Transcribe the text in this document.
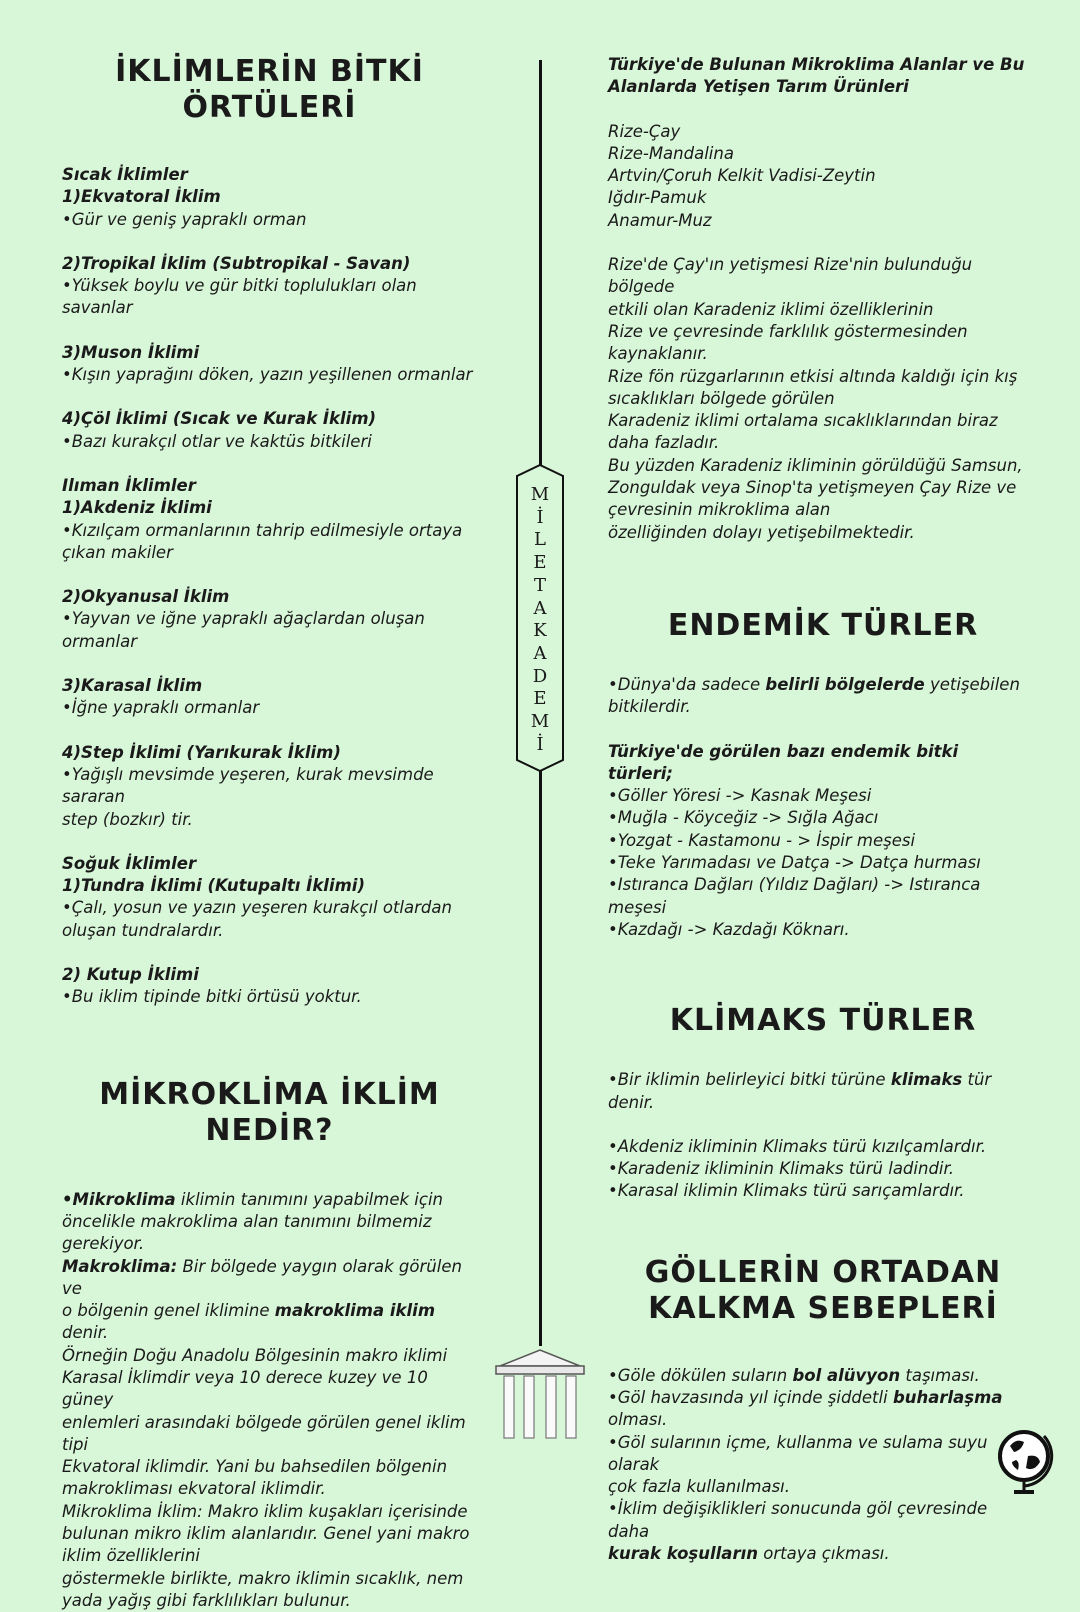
İKLİMLERİN BİTKİ
ÖRTÜLERİ

Sıcak İklimler

1)Ekvatoral İklim

•Gür ve geniş yapraklı orman

2)Tropikal İklim (Subtropikal - Savan)

•Yüksek boylu ve gür bitki toplulukları olan savanlar

3)Muson İklimi

•Kışın yaprağını döken, yazın yeşillenen ormanlar

4)Çöl İklimi (Sıcak ve Kurak İklim)

•Bazı kurakçıl otlar ve kaktüs bitkileri

Ilıman İklimler

1)Akdeniz İklimi

•Kızılçam ormanlarının tahrip edilmesiyle ortaya

çıkan makiler

2)Okyanusal İklim

•Yayvan ve iğne yapraklı ağaçlardan oluşan

ormanlar

3)Karasal İklim

•İğne yapraklı ormanlar

4)Step İklimi (Yarıkurak İklim)

•Yağışlı mevsimde yeşeren, kurak mevsimde sararan

step (bozkır) tir.

Soğuk İklimler

1)Tundra İklimi (Kutupaltı İklimi)

•Çalı, yosun ve yazın yeşeren kurakçıl otlardan

oluşan tundralardır.

2) Kutup İklimi

•Bu iklim tipinde bitki örtüsü yoktur.

MİKROKLİMA İKLİM
NEDİR?

•Mikroklima iklimin tanımını yapabilmek için

öncelikle makroklima alan tanımını bilmemiz

gerekiyor.

Makroklima: Bir bölgede yaygın olarak görülen ve

o bölgenin genel iklimine makroklima iklim denir.

Örneğin Doğu Anadolu Bölgesinin makro iklimi

Karasal İklimdir veya 10 derece kuzey ve 10 güney

enlemleri arasındaki bölgede görülen genel iklim tipi

Ekvatoral iklimdir. Yani bu bahsedilen bölgenin

makrokliması ekvatoral iklimdir.

Mikroklima İklim: Makro iklim kuşakları içerisinde

bulunan mikro iklim alanlarıdır. Genel yani makro

iklim özelliklerini

göstermekle birlikte, makro iklimin sıcaklık, nem

yada yağış gibi farklılıkları bulunur.

M
İ
L
E
T
A
K
A
D
E
M
İ

Türkiye'de Bulunan Mikroklima Alanlar ve Bu

Alanlarda Yetişen Tarım Ürünleri

Rize-Çay

Rize-Mandalina

Artvin/Çoruh Kelkit Vadisi-Zeytin

Iğdır-Pamuk

Anamur-Muz

Rize'de Çay'ın yetişmesi Rize'nin bulunduğu bölgede

etkili olan Karadeniz iklimi özelliklerinin

Rize ve çevresinde farklılık göstermesinden

kaynaklanır.

Rize fön rüzgarlarının etkisi altında kaldığı için kış

sıcaklıkları bölgede görülen

Karadeniz iklimi ortalama sıcaklıklarından biraz

daha fazladır.

Bu yüzden Karadeniz ikliminin görüldüğü Samsun,

Zonguldak veya Sinop'ta yetişmeyen Çay Rize ve

çevresinin mikroklima alan

özelliğinden dolayı yetişebilmektedir.

ENDEMİK TÜRLER

•Dünya'da sadece belirli bölgelerde yetişebilen

bitkilerdir.

Türkiye'de görülen bazı endemik bitki türleri;

•Göller Yöresi -> Kasnak Meşesi

•Muğla - Köyceğiz -> Sığla Ağacı

•Yozgat - Kastamonu - > İspir meşesi

•Teke Yarımadası ve Datça -> Datça hurması

•Istıranca Dağları (Yıldız Dağları) -> Istıranca

meşesi

•Kazdağı -> Kazdağı Köknarı.

KLİMAKS TÜRLER

•Bir iklimin belirleyici bitki türüne klimaks tür denir.

•Akdeniz ikliminin Klimaks türü kızılçamlardır.

•Karadeniz ikliminin Klimaks türü ladindir.

•Karasal iklimin Klimaks türü sarıçamlardır.

GÖLLERİN ORTADAN
KALKMA SEBEPLERİ

•Göle dökülen suların bol alüvyon taşıması.

•Göl havzasında yıl içinde şiddetli buharlaşma

olması.

•Göl sularının içme, kullanma ve sulama suyu olarak

çok fazla kullanılması.

•İklim değişiklikleri sonucunda göl çevresinde daha

kurak koşulların ortaya çıkması.
